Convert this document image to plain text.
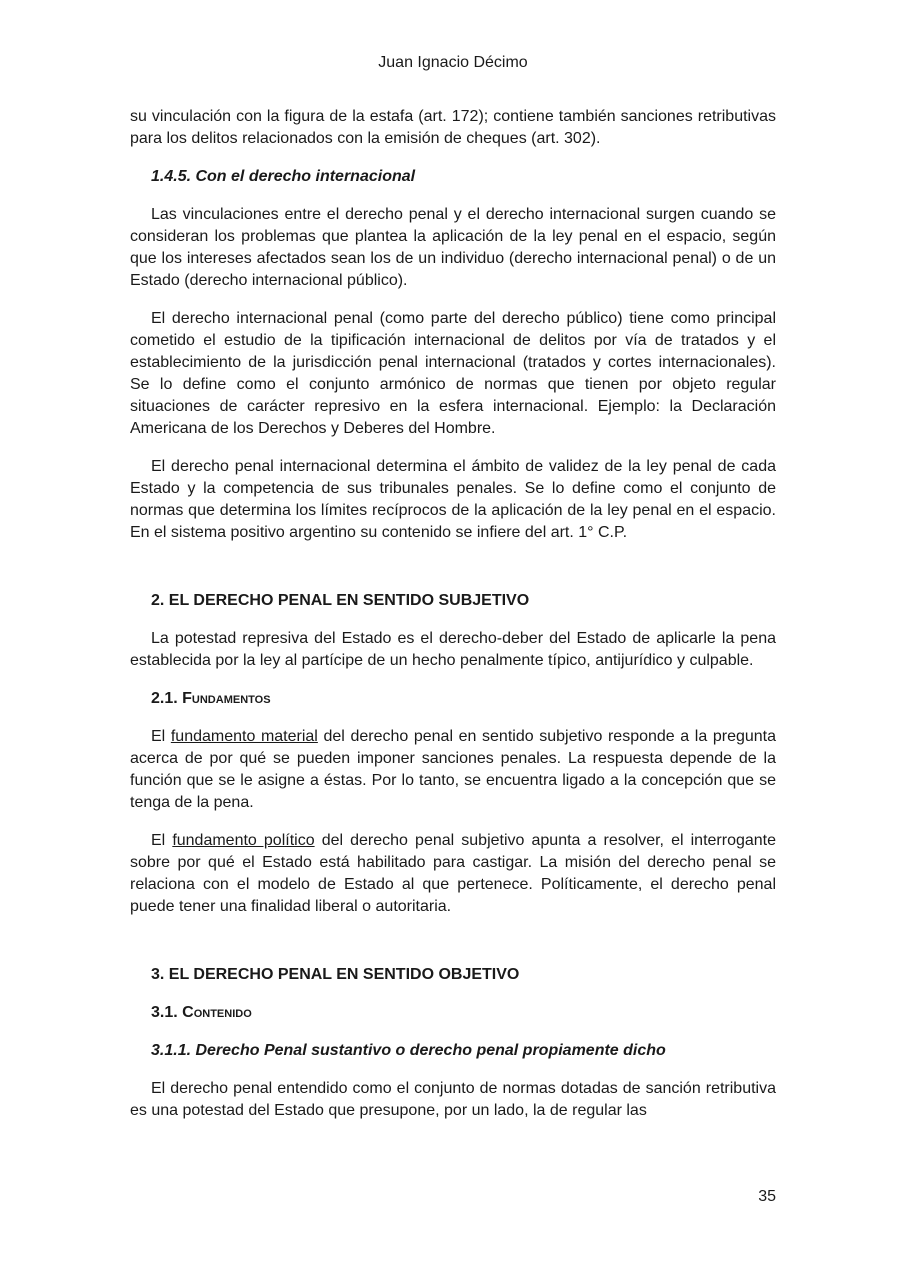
Juan Ignacio Décimo

su vinculación con la figura de la estafa (art. 172); contiene también sanciones retributivas para los delitos relacionados con la emisión de cheques (art. 302).

1.4.5. Con el derecho internacional

Las vinculaciones entre el derecho penal y el derecho internacional surgen cuando se consideran los problemas que plantea la aplicación de la ley penal en el espacio, según que los intereses afectados sean los de un individuo (derecho internacional penal) o de un Estado (derecho internacional público).

El derecho internacional penal (como parte del derecho público) tiene como principal cometido el estudio de la tipificación internacional de delitos por vía de tratados y el establecimiento de la jurisdicción penal internacional (tratados y cortes internacionales). Se lo define como el conjunto armónico de normas que tienen por objeto regular situaciones de carácter represivo en la esfera internacional. Ejemplo: la Declaración Americana de los Derechos y Deberes del Hombre.

El derecho penal internacional determina el ámbito de validez de la ley penal de cada Estado y la competencia de sus tribunales penales. Se lo define como el conjunto de normas que determina los límites recíprocos de la aplicación de la ley penal en el espacio. En el sistema positivo argentino su contenido se infiere del art. 1° C.P.

2. EL DERECHO PENAL EN SENTIDO SUBJETIVO

La potestad represiva del Estado es el derecho-deber del Estado de aplicarle la pena establecida por la ley al partícipe de un hecho penalmente típico, antijurídico y culpable.

2.1. Fundamentos

El fundamento material del derecho penal en sentido subjetivo responde a la pregunta acerca de por qué se pueden imponer sanciones penales. La respuesta depende de la función que se le asigne a éstas. Por lo tanto, se encuentra ligado a la concepción que se tenga de la pena.

El fundamento político del derecho penal subjetivo apunta a resolver, el interrogante sobre por qué el Estado está habilitado para castigar. La misión del derecho penal se relaciona con el modelo de Estado al que pertenece. Políticamente, el derecho penal puede tener una finalidad liberal o autoritaria.

3. EL DERECHO PENAL EN SENTIDO OBJETIVO
3.1. Contenido
3.1.1. Derecho Penal sustantivo o derecho penal propiamente dicho

El derecho penal entendido como el conjunto de normas dotadas de sanción retributiva es una potestad del Estado que presupone, por un lado, la de regular las

35
